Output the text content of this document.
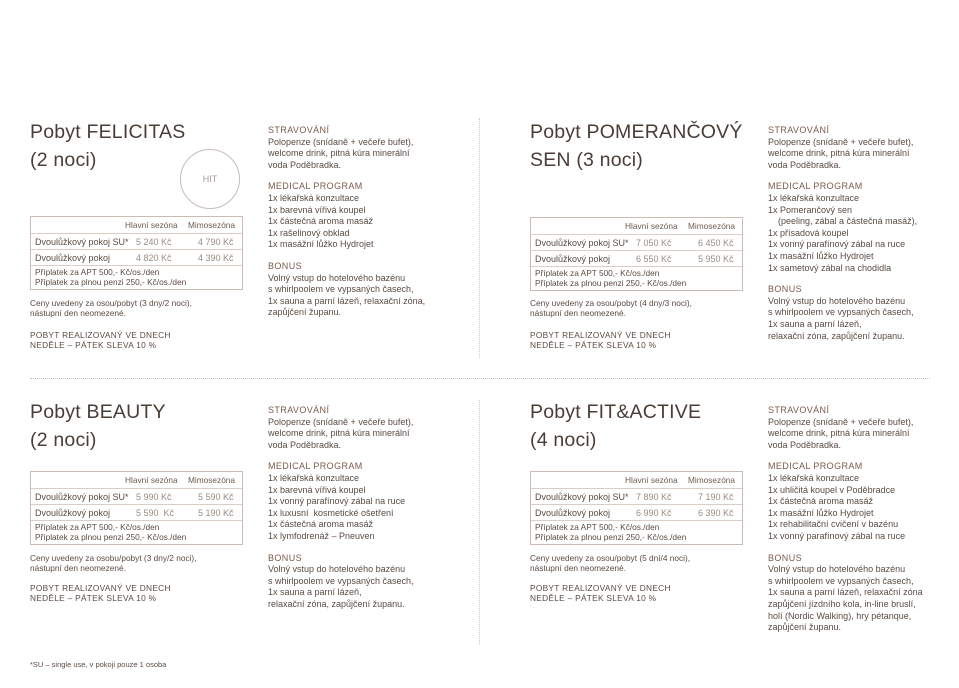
Pobyt FELICITAS
(2 noci)
HIT
Hlavní sezóna Mimosezóna
Dvoulůžkový pokoj SU* 5 240 Kč	4 790 Kč
Dvoulůžkový pokoj	4 820 Kč	4 390 Kč
Příplatek za APT 500,- Kč/os./den
Příplatek za plnou penzi 250,- Kč/os./den
Ceny uvedeny za osou/pobyt (3 dny/2 noci),
nástupní den neomezené.
POBYT REALIZOVANÝ VE DNECH
NEDĚLE – PÁTEK SLEVA 10 %
STRAVOVÁNÍ
Polopenze (snídaně + večeře bufet),
welcome drink, pitná kúra minerální
voda Poděbradka.
MEDICAL PROGRAM
1x lékařská konzultace
1x barevná vířivá koupel
1x částečná aroma masáž
1x rašelinový obklad
1x masážní lůžko Hydrojet
BONUS
Volný vstup do hotelového bazénu
s whirlpoolem ve vypsaných časech,
1x sauna a parní lázeň, relaxační zóna,
zapůjčení županu.
Pobyt POMERANČOVÝ
SEN (3 noci)
Hlavní sezóna Mimosezóna
Dvoulůžkový pokoj SU* 7 050 Kč	6 450 Kč
Dvoulůžkový pokoj	6 550 Kč	5 950 Kč
Příplatek za APT 500,- Kč/os./den
Příplatek za plnou penzi 250,- Kč/os./den
Ceny uvedeny za osou/pobyt (4 dny/3 noci),
nástupní den neomezené.
POBYT REALIZOVANÝ VE DNECH
NEDĚLE – PÁTEK SLEVA 10 %
STRAVOVÁNÍ
Polopenze (snídaně + večeře bufet),
welcome drink, pitná kúra minerální
voda Poděbradka.
MEDICAL PROGRAM
1x lékařská konzultace
1x Pomerančový sen
(peeling, zábal a částečná masáž),
1x přísadová koupel
1x vonný parafínový zábal na ruce
1x masážní lůžko Hydrojet
1x sametový zábal na chodidla
BONUS
Volný vstup do hotelového bazénu
s whirlpoolem ve vypsaných časech,
1x sauna a parní lázeň,
relaxační zóna, zapůjčení županu.
Pobyt BEAUTY
(2 noci)
Hlavní sezóna Mimosezóna
Dvoulůžkový pokoj SU* 5 990 Kč	5 590 Kč
Dvoulůžkový pokoj	5 590  Kč	5 190 Kč
Příplatek za APT 500,- Kč/os./den
Příplatek za plnou penzi 250,- Kč/os./den
Ceny uvedeny za osobu/pobyt (3 dny/2 noci),
nástupní den neomezené.
POBYT REALIZOVANÝ VE DNECH
NEDĚLE – PÁTEK SLEVA 10 %
STRAVOVÁNÍ
Polopenze (snídaně + večeře bufet),
welcome drink, pitná kúra minerální
voda Poděbradka.
MEDICAL PROGRAM
1x lékařská konzultace
1x barevná vířivá koupel
1x vonný parafínový zábal na ruce
1x luxusní  kosmetické ošetření
1x částečná aroma masáž
1x lymfodrenáž – Pneuven
BONUS
Volný vstup do hotelového bazénu
s whirlpoolem ve vypsaných časech,
1x sauna a parní lázeň,
relaxační zóna, zapůjčení županu.
Pobyt FIT&ACTIVE
(4 noci)
Hlavní sezóna Mimosezóna
Dvoulůžkový pokoj SU* 7 890 Kč	7 190 Kč
Dvoulůžkový pokoj	6 990 Kč	6 390 Kč
Příplatek za APT 500,- Kč/os./den
Příplatek za plnou penzi 250,- Kč/os./den
Ceny uvedeny za osou/pobyt (5 dní/4 noci),
nástupní den neomezené.
POBYT REALIZOVANÝ VE DNECH
NEDĚLE – PÁTEK SLEVA 10 %
STRAVOVÁNÍ
Polopenze (snídaně + večeře bufet),
welcome drink, pitná kúra minerální
voda Poděbradka.
MEDICAL PROGRAM
1x lékařská konzultace
1x uhličitá koupel v Poděbradce
1x částečná aroma masáž
1x masážní lůžko Hydrojet
1x rehabilitační cvičení v bazénu
1x vonný parafínový zábal na ruce
BONUS
Volný vstup do hotelového bazénu
s whirlpoolem ve vypsaných časech,
1x sauna a parní lázeň, relaxační zóna
zapůjčení jízdního kola, in-line bruslí,
holí (Nordic Walking), hry pétanque,
zapůjčení županu.
*SU – single use, v pokoji pouze 1 osoba
